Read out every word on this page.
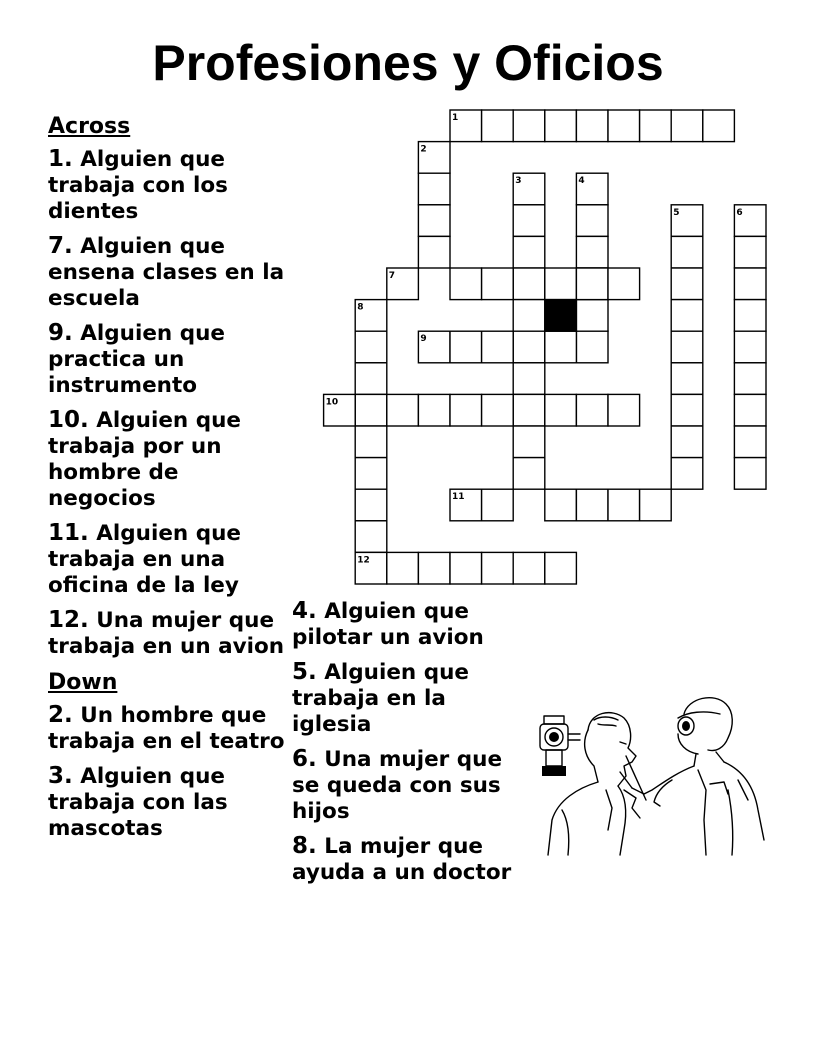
Profesiones y Oficios
Across
1. Alguien que trabaja con los dientes
7. Alguien que ensena clases en la escuela
9. Alguien que practica un instrumento
10. Alguien que trabaja por un hombre de negocios
11. Alguien que trabaja en una oficina de la ley
12. Una mujer que trabaja en un avion
Down
2. Un hombre que trabaja en el teatro
3. Alguien que trabaja con las mascotas
4. Alguien que pilotar un avion
5. Alguien que trabaja en la iglesia
6. Una mujer que se queda con sus hijos
8. La mujer que ayuda a un doctor
1
2
3	4
5	6
7
8
9
10
11
12
